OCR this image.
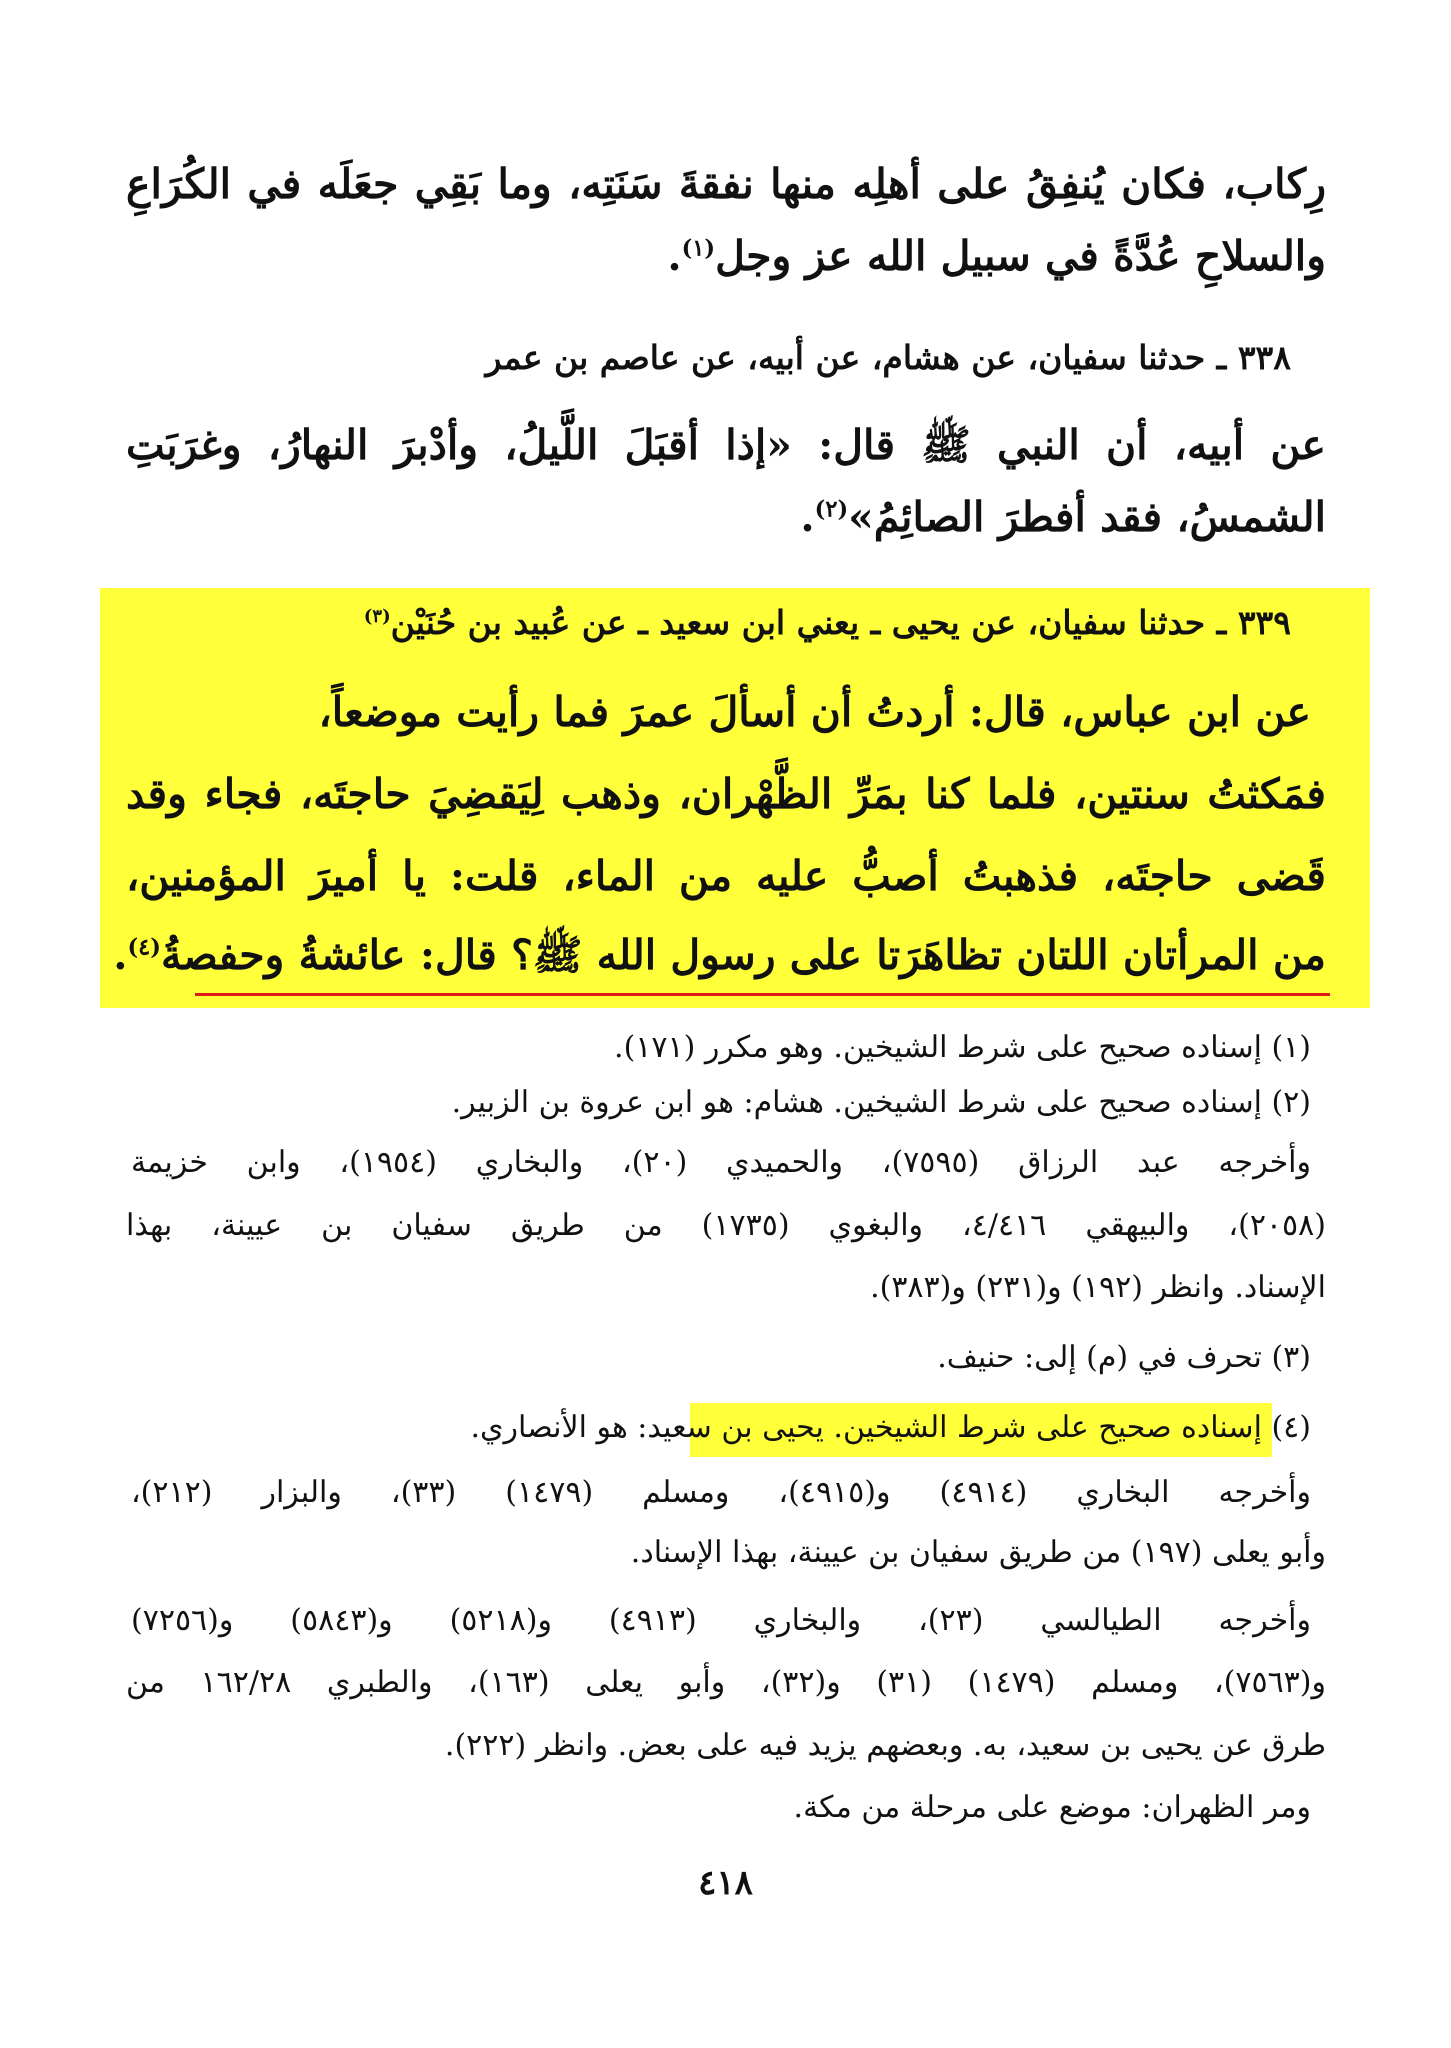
رِكاب، فكان يُنفِقُ على أهلِه منها نفقةَ سَنَتِه، وما بَقِي جعَلَه في الكُرَاعِ
والسلاحِ عُدَّةً في سبيل الله عز وجل$^{(١)}$.
٣٣٨ ـ حدثنا سفيان، عن هشام، عن أبيه، عن عاصم بن عمر
عن أبيه، أن النبي ﷺ قال: «إذا أقبَلَ اللَّيلُ، وأدْبرَ النهارُ، وغرَبَتِ
الشمسُ، فقد أفطرَ الصائِمُ»$^{(٢)}$.
٣٣٩ ـ حدثنا سفيان، عن يحيى ـ يعني ابن سعيد ـ عن عُبيد بن حُنَيْن$^{(٣)}$
عن ابن عباس، قال: أردتُ أن أسألَ عمرَ فما رأيت موضعاً،
فمَكثتُ سنتين، فلما كنا بمَرِّ الظَّهْران، وذهب لِيَقضِيَ حاجتَه، فجاء وقد
قَضى حاجتَه، فذهبتُ أصبُّ عليه من الماء، قلت: يا أميرَ المؤمنين،
من المرأتان اللتان تظاهَرَتا على رسول الله ﷺ؟ قال: عائشةُ وحفصةُ$^{(٤)}$.
(١) إسناده صحيح على شرط الشيخين. وهو مكرر (١٧١).
(٢) إسناده صحيح على شرط الشيخين. هشام: هو ابن عروة بن الزبير.
وأخرجه عبد الرزاق (٧٥٩٥)، والحميدي (٢٠)، والبخاري (١٩٥٤)، وابن خزيمة
(٢٠٥٨)، والبيهقي ٤/٤١٦، والبغوي (١٧٣٥) من طريق سفيان بن عيينة، بهذا
الإسناد. وانظر (١٩٢) و(٢٣١) و(٣٨٣).
(٣) تحرف في (م) إلى: حنيف.
(٤) إسناده صحيح على شرط الشيخين. يحيى بن سعيد: هو الأنصاري.
وأخرجه البخاري (٤٩١٤) و(٤٩١٥)، ومسلم (١٤٧٩) (٣٣)، والبزار (٢١٢)،
وأبو يعلى (١٩٧) من طريق سفيان بن عيينة، بهذا الإسناد.
وأخرجه الطيالسي (٢٣)، والبخاري (٤٩١٣) و(٥٢١٨) و(٥٨٤٣) و(٧٢٥٦)
و(٧٥٦٣)، ومسلم (١٤٧٩) (٣١) و(٣٢)، وأبو يعلى (١٦٣)، والطبري ١٦٢/٢٨ من
طرق عن يحيى بن سعيد، به. وبعضهم يزيد فيه على بعض. وانظر (٢٢٢).
ومر الظهران: موضع على مرحلة من مكة.
٤١٨
